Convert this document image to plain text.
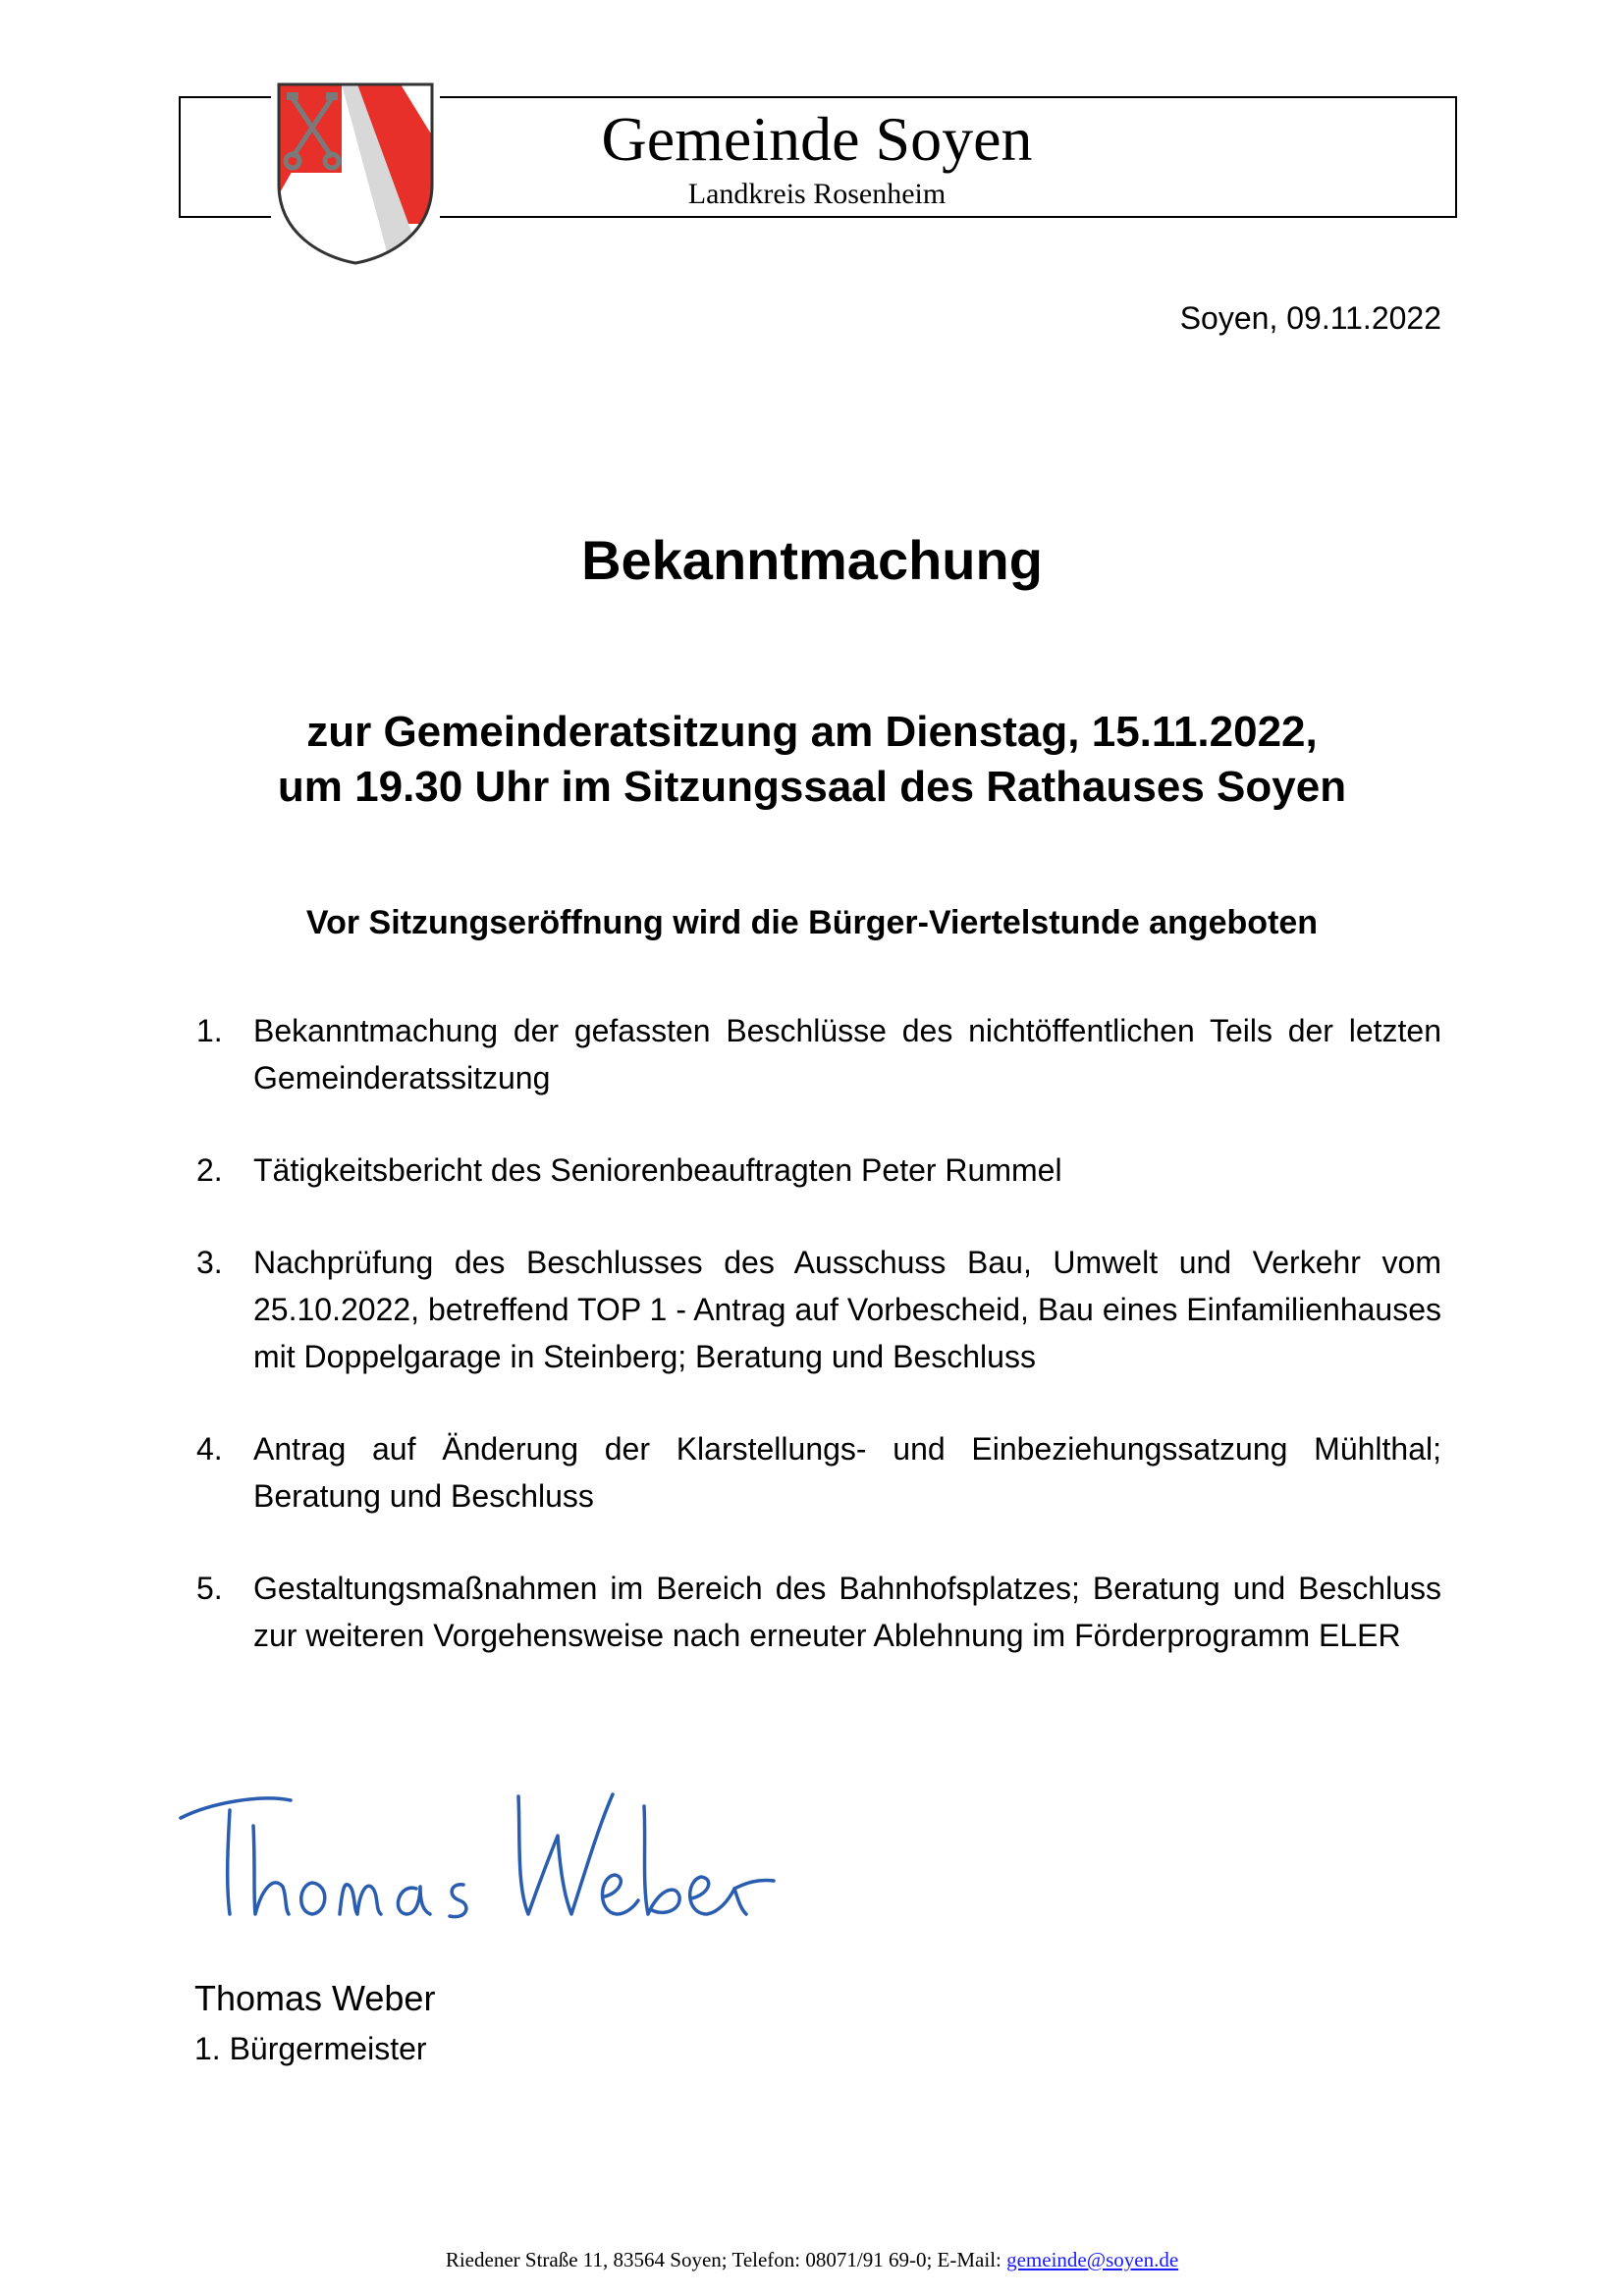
Gemeinde Soyen
Landkreis Rosenheim
Soyen, 09.11.2022
Bekanntmachung
zur Gemeinderatsitzung am Dienstag, 15.11.2022,
um 19.30 Uhr im Sitzungssaal des Rathauses Soyen
Vor Sitzungseröffnung wird die Bürger-Viertelstunde angeboten
1. Bekanntmachung der gefassten Beschlüsse des nichtöffentlichen Teils der letzten Gemeinderatssitzung
2. Tätigkeitsbericht des Seniorenbeauftragten Peter Rummel
3. Nachprüfung des Beschlusses des Ausschuss Bau, Umwelt und Verkehr vom 25.10.2022, betreffend TOP 1 - Antrag auf Vorbescheid, Bau eines Einfamilienhauses mit Doppelgarage in Steinberg; Beratung und Beschluss
4. Antrag auf Änderung der Klarstellungs- und Einbeziehungssatzung Mühlthal; Beratung und Beschluss
5. Gestaltungsmaßnahmen im Bereich des Bahnhofsplatzes; Beratung und Beschluss zur weiteren Vorgehensweise nach erneuter Ablehnung im Förderprogramm ELER
Thomas Weber
1. Bürgermeister
Riedener Straße 11, 83564 Soyen; Telefon: 08071/91 69-0; E-Mail: gemeinde@soyen.de
